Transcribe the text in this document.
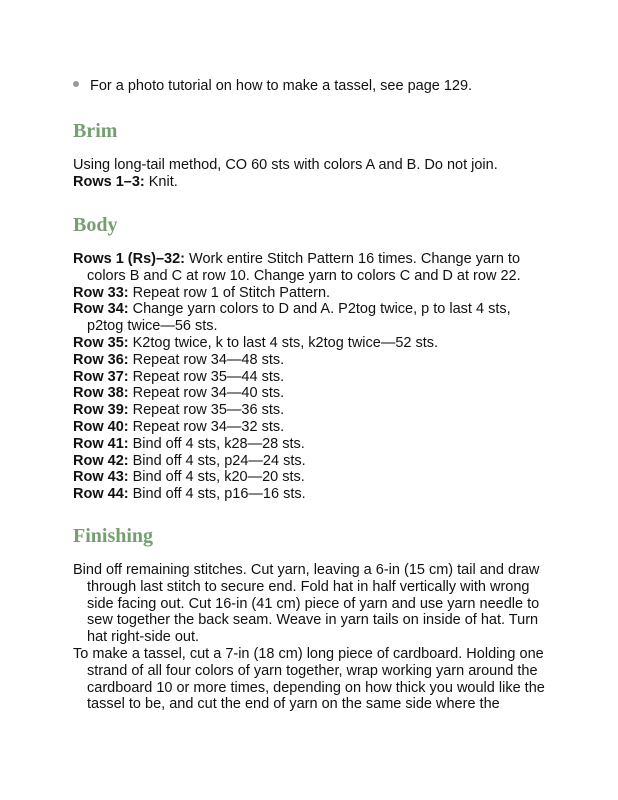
For a photo tutorial on how to make a tassel, see page 129.
Brim

Using long-tail method, CO 60 sts with colors A and B. Do not join.

Rows 1–3: Knit.

Body

Rows 1 (Rs)–32: Work entire Stitch Pattern 16 times. Change yarn to colors B and C at row 10. Change yarn to colors C and D at row 22.

Row 33: Repeat row 1 of Stitch Pattern.

Row 34: Change yarn colors to D and A. P2tog twice, p to last 4 sts, p2tog twice—56 sts.

Row 35: K2tog twice, k to last 4 sts, k2tog twice—52 sts.

Row 36: Repeat row 34—48 sts.

Row 37: Repeat row 35—44 sts.

Row 38: Repeat row 34—40 sts.

Row 39: Repeat row 35—36 sts.

Row 40: Repeat row 34—32 sts.

Row 41: Bind off 4 sts, k28—28 sts.

Row 42: Bind off 4 sts, p24—24 sts.

Row 43: Bind off 4 sts, k20—20 sts.

Row 44: Bind off 4 sts, p16—16 sts.

Finishing

Bind off remaining stitches. Cut yarn, leaving a 6-in (15 cm) tail and draw through last stitch to secure end. Fold hat in half vertically with wrong side facing out. Cut 16-in (41 cm) piece of yarn and use yarn needle to sew together the back seam. Weave in yarn tails on inside of hat. Turn hat right-side out.

To make a tassel, cut a 7-in (18 cm) long piece of cardboard. Holding one strand of all four colors of yarn together, wrap working yarn around the cardboard 10 or more times, depending on how thick you would like the tassel to be, and cut the end of yarn on the same side where the
